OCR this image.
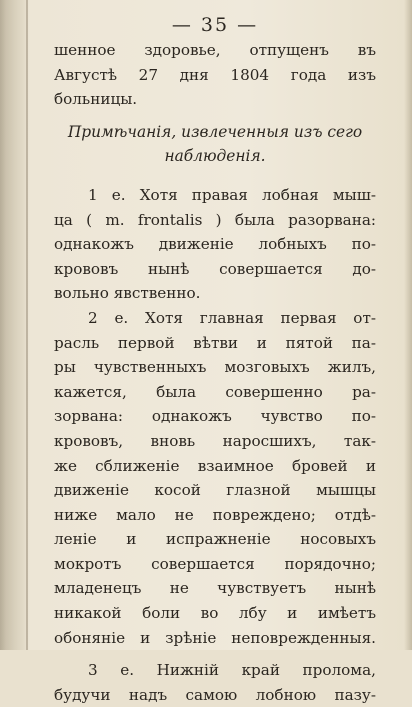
— 35 —
шенное здоровье, отпущенъ въ
Августѣ 27 дня 1804 года изъ
больницы.
Примѣчанія, извлеченныя изъ сего
наблюденія.
1 е. Хотя правая лобная мыш-
ца ( m. frontalis ) была разорвана:
однакожъ движеніе лобныхъ по-
крововъ нынѣ совершается до-
вольно явственно.
2 е. Хотя главная первая от-
расль первой вѣтви и пятой па-
ры чувственныхъ мозговыхъ жилъ,
кажется, была совершенно ра-
зорвана: однакожъ чувство по-
крововъ, вновь наросшихъ, так-
же сближеніе взаимное бровей и
движеніе косой глазной мышцы
ниже мало не повреждено; отдѣ-
леніе и испражненіе носовыхъ
мокротъ совершается порядочно;
младенецъ не чувствуетъ нынѣ
никакой боли во лбу и имѣетъ
обоняніе и зрѣніе неповрежденныя.
3 е. Нижній край пролома,
будучи надъ самою лобною пазу-
